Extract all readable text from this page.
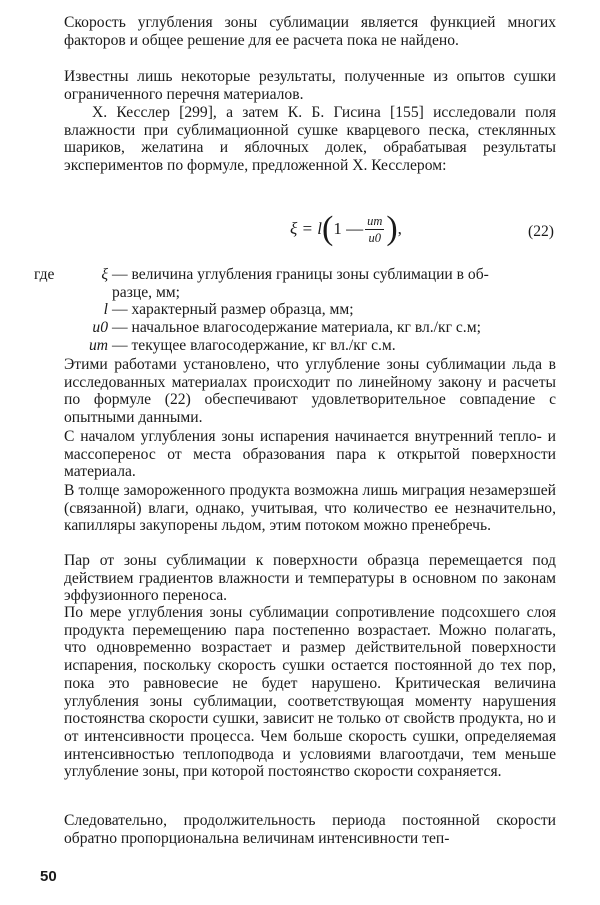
Скорость углубления зоны сублимации является функцией многих факторов и общее решение для ее расчета пока не найдено.

Известны лишь некоторые результаты, полученные из опытов сушки ограниченного перечня материалов.

Х. Кесслер [299], а затем К. Б. Гисина [155] исследовали поля влажности при сублимационной сушке кварцевого песка, стеклянных шариков, желатина и яблочных долек, обрабатывая результаты экспериментов по формуле, предложенной Х. Кесслером:

ξ = l ( 1 — $\frac{uт}{u0}$ ) ,	(22)
где	ξ — величина углубления границы зоны сублимации в об-
разце, мм;
l — характерный размер образца, мм;
u0 — начальное влагосодержание материала, кг вл./кг с.м;
uт — текущее влагосодержание, кг вл./кг с.м.

Этими работами установлено, что углубление зоны сублимации льда в исследованных материалах происходит по линейному закону и расчеты по формуле (22) обеспечивают удовлетворительное совпадение с опытными данными.

С началом углубления зоны испарения начинается внутренний тепло- и массоперенос от места образования пара к открытой поверхности материала.

В толще замороженного продукта возможна лишь миграция незамерзшей (связанной) влаги, однако, учитывая, что количество ее незначительно, капилляры закупорены льдом, этим потоком можно пренебречь.

Пар от зоны сублимации к поверхности образца перемещается под действием градиентов влажности и температуры в основном по законам эффузионного переноса.

По мере углубления зоны сублимации сопротивление подсохшего слоя продукта перемещению пара постепенно возрастает. Можно полагать, что одновременно возрастает и размер действительной поверхности испарения, поскольку скорость сушки остается постоянной до тех пор, пока это равновесие не будет нарушено. Критическая величина углубления зоны сублимации, соответствующая моменту нарушения постоянства скорости сушки, зависит не только от свойств продукта, но и от интенсивности процесса. Чем больше скорость сушки, определяемая интенсивностью теплоподвода и условиями влагоотдачи, тем меньше углубление зоны, при которой постоянство скорости сохраняется.

Следовательно, продолжительность периода постоянной скорости обратно пропорциональна величинам интенсивности теп-

50
